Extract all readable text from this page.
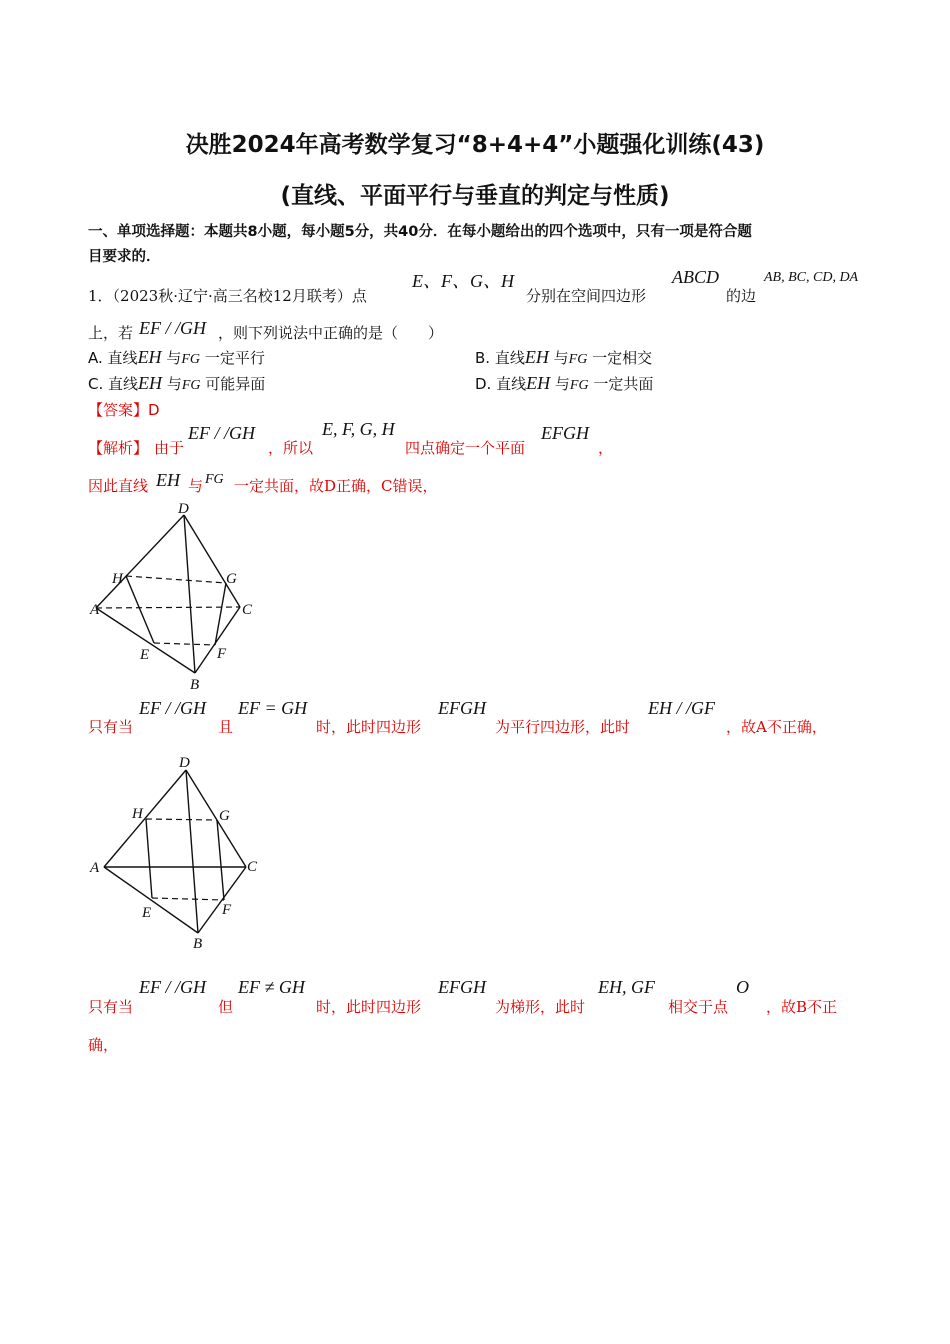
决胜2024年高考数学复习“8+4+4”小题强化训练(43)
(直线、平面平行与垂直的判定与性质)
一、单项选择题：本题共8小题，每小题5分，共40分．在每小题给出的四个选项中，只有一项是符合题
目要求的．
1．（2023秋·辽宁·高三名校12月联考）点
E、F、G、H
分别在空间四边形
ABCD
的边
AB, BC, CD, DA
上，若 EF / /GH ，则下列说法中正确的是（　　）
A. 直线EH 与FG 一定平行	B. 直线EH 与FG 一定相交
C. 直线EH 与FG 可能异面	D. 直线EH 与FG 一定共面
【答案】D
【解析】 由于
EF / /GH
，所以
E, F, G, H
四点确定一个平面
EFGH
，
因此直线 EH 与 FG 一定共面，故D正确，C错误，
D
H	G
A	C
E	F
B
只有当
EF / /GH
且
EF = GH
时，此时四边形
EFGH
为平行四边形，此时
EH / /GF
，故A不正确，
D
H	G
A	C
E	F
B
只有当
EF / /GH
但
EF ≠ GH
时，此时四边形
EFGH
为梯形，此时
EH, GF
相交于点
O
，故B不正
确，
